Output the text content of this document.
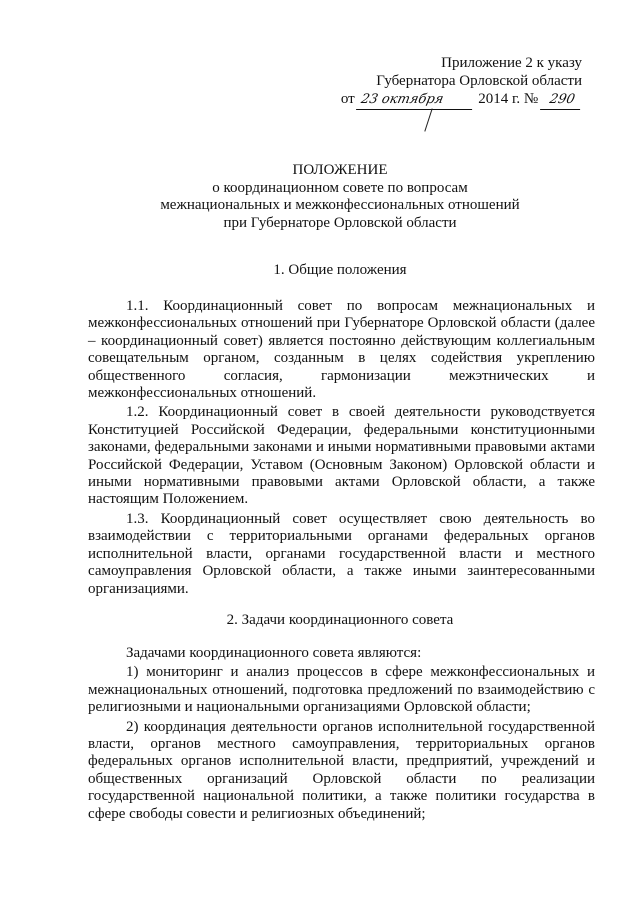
Приложение 2 к указу
Губернатора Орловской области
от 23 октября 2014 г. № 290
ПОЛОЖЕНИЕ
о координационном совете по вопросам
межнациональных и межконфессиональных отношений
при Губернаторе Орловской области
1. Общие положения

1.1. Координационный совет по вопросам межнациональных и межконфессиональных отношений при Губернаторе Орловской области (далее – координационный совет) является постоянно действующим коллегиальным совещательным органом, созданным в целях содействия укреплению общественного согласия, гармонизации межэтнических и межконфессиональных отношений.

1.2. Координационный совет в своей деятельности руководствуется Конституцией Российской Федерации, федеральными конституционными законами, федеральными законами и иными нормативными правовыми актами Российской Федерации, Уставом (Основным Законом) Орловской области и иными нормативными правовыми актами Орловской области, а также настоящим Положением.

1.3. Координационный совет осуществляет свою деятельность во взаимодействии с территориальными органами федеральных органов исполнительной власти, органами государственной власти и местного самоуправления Орловской области, а также иными заинтересованными организациями.

2. Задачи координационного совета

Задачами координационного совета являются:

1) мониторинг и анализ процессов в сфере межконфессиональных и межнациональных отношений, подготовка предложений по взаимодействию с религиозными и национальными организациями Орловской области;

2) координация деятельности органов исполнительной государственной власти, органов местного самоуправления, территориальных органов федеральных органов исполнительной власти, предприятий, учреждений и общественных организаций Орловской области по реализации государственной национальной политики, а также политики государства в сфере свободы совести и религиозных объединений;
